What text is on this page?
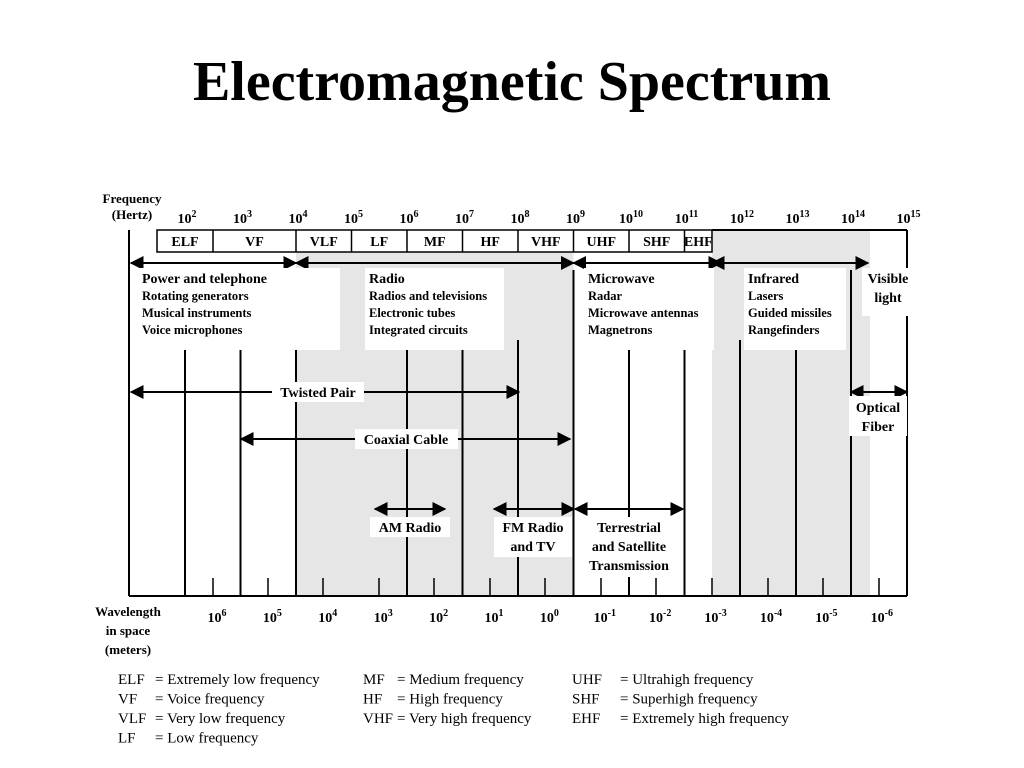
Electromagnetic Spectrum
ELF	VF	VLF LF	MF HF VHF UHF SHF EHF
$10^2$	$10^3$	$10^4$	$10^5$	$10^6$	$10^7$	$10^8$	$10^9$ $10^{10}$ $10^{11}$ $10^{12}$ $10^{13}$ $10^{14}$ $10^{15}$
Frequency
(Hertz)
Wavelength
in space
(meters)
$10^6$	$10^5$	$10^4$	$10^3$	$10^2$	$10^1$	$10^0$ $10^{-1}$ $10^{-2}$ $10^{-3}$ $10^{-4}$ $10^{-5}$ $10^{-6}$
Power and telephone
Rotating generators
Musical instruments
Voice microphones
Radio
Radios and televisions
Electronic tubes
Integrated circuits
Microwave
Radar
Microwave antennas
Magnetrons
Infrared
Lasers
Guided missiles
Rangefinders
Visible
light
Twisted Pair
Coaxial Cable
Optical
Fiber
AM Radio	FM Radio
and TV
Terrestrial
and Satellite
Transmission
ELF = Extremely low frequency
VF = Voice frequency
VLF = Very low frequency
LF = Low frequency
MF = Medium frequency
HF = High frequency
VHF = Very high frequency
UHF = Ultrahigh frequency
SHF = Superhigh frequency
EHF = Extremely high frequency
